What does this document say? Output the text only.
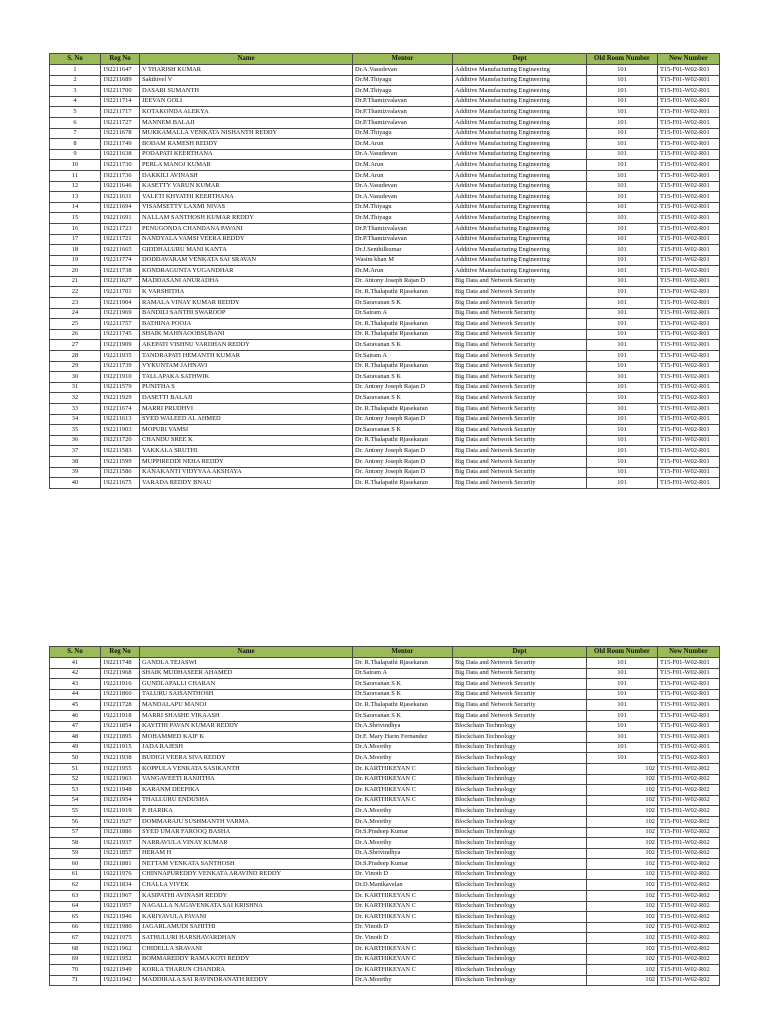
S. No	Reg No	Name	Mentor	Dept	Old Room Number	New Number
1	192211647	V THARISH KUMAR	Dr.A.Vasudevan	Additive Manufacturing Engineering	101	T15-F01-W02-R01
2	192211689	Sakthivel V	Dr.M.Thiyagu	Additive Manufacturing Engineering	101	T15-F01-W02-R01
3	192211700	DASARI SUMANTH	Dr.M.Thiyagu	Additive Manufacturing Engineering	101	T15-F01-W02-R01
4	192211714	JEEVAN GOLI	Dr.P.Thamizvalavan	Additive Manufacturing Engineering	101	T15-F01-W02-R01
5	192211717	KOTAKONDA ALEKYA	Dr.P.Thamizvalavan	Additive Manufacturing Engineering	101	T15-F01-W02-R01
6	192211727	MANNEM BALAJI	Dr.P.Thamizvalavan	Additive Manufacturing Engineering	101	T15-F01-W02-R01
7	192211678	MUKKAMALLA VENKATA NISHANTH REDDY	Dr.M.Thiyagu	Additive Manufacturing Engineering	101	T15-F01-W02-R01
8	192211749	BODAM RAMESH REDDY	Dr.M.Arun	Additive Manufacturing Engineering	101	T15-F01-W02-R01
9	192211638	PODAPATI KEERTHANA	Dr.A.Vasudevan	Additive Manufacturing Engineering	101	T15-F01-W02-R01
10	192211730	PERLA MANOJ KUMAR	Dr.M.Arun	Additive Manufacturing Engineering	101	T15-F01-W02-R01
11	192211736	DAKKILI AVINASH	Dr.M.Arun	Additive Manufacturing Engineering	101	T15-F01-W02-R01
12	192211646	KASETTY VARUN KUMAR	Dr.A.Vasudevan	Additive Manufacturing Engineering	101	T15-F01-W02-R01
13	192211631	VALETI KHYATHI KEERTHANA	Dr.A.Vasudevan	Additive Manufacturing Engineering	101	T15-F01-W02-R01
14	192211694	VISAMSETTY LAXMI NIVAS	Dr.M.Thiyagu	Additive Manufacturing Engineering	101	T15-F01-W02-R01
15	192211691	NALLAM SANTHOSH KUMAR REDDY	Dr.M.Thiyagu	Additive Manufacturing Engineering	101	T15-F01-W02-R01
16	192211723	PENUGONDA CHANDANA PAVANI	Dr.P.Thamizvalavan	Additive Manufacturing Engineering	101	T15-F01-W02-R01
17	192211721	NANDYALA VAMSI VEERA REDDY	Dr.P.Thamizvalavan	Additive Manufacturing Engineering	101	T15-F01-W02-R01
18	192211665	GIDDHALURU MANI KANTA	Dr.J.Senthilkumar	Additive Manufacturing Engineering	101	T15-F01-W02-R01
19	192211774	DODDAVARAM VENKATA SAI SRAVAN	Wasim khan M	Additive Manufacturing Engineering	101	T15-F01-W02-R01
20	192211738	KONDRAGUNTA YUGANDHAR	Dr.M.Arun	Additive Manufacturing Engineering	101	T15-F01-W02-R01
21	192211627	MADDASANI ANURADHA	Dr. Antony Joseph Rajan D	Big Data and Network Security	101	T15-F01-W02-R01
22	192211701	K VARSHITHA	Dr. R.Thalapathi Rjasekaran	Big Data and Network Security	101	T15-F01-W02-R01
23	192211904	RAMALA VINAY KUMAR REDDY	Dr.Saravanan S K	Big Data and Network Security	101	T15-F01-W02-R01
24	192211969	BANDILI SANTHI SWAROOP	Dr.Sairam A	Big Data and Network Security	101	T15-F01-W02-R01
25	192211757	BATHINA POOJA	Dr. R.Thalapathi Rjasekaran	Big Data and Network Security	101	T15-F01-W02-R01
26	192211745	SHAIK MAHNAOOBSUBANI	Dr. R.Thalapathi Rjasekaran	Big Data and Network Security	101	T15-F01-W02-R01
27	192211909	AKEPATI VISHNU VARDHAN REDDY	Dr.Saravanan S K	Big Data and Network Security	101	T15-F01-W02-R01
28	192211935	TANDRAPATI HEMANTH KUMAR	Dr.Sairam A	Big Data and Network Security	101	T15-F01-W02-R01
29	192211739	VYKUNTAM JAHNAVI	Dr. R.Thalapathi Rjasekaran	Big Data and Network Security	101	T15-F01-W02-R01
30	192211910	TALLAPAKA SATHWIK	Dr.Saravanan S K	Big Data and Network Security	101	T15-F01-W02-R01
31	192211579	PUNITHA S	Dr. Antony Joseph Rajan D	Big Data and Network Security	101	T15-F01-W02-R01
32	192211929	DASETTI BALAJI	Dr.Saravanan S K	Big Data and Network Security	101	T15-F01-W02-R01
33	192211674	MARRI PRUDHVI	Dr. R.Thalapathi Rjasekaran	Big Data and Network Security	101	T15-F01-W02-R01
34	192211613	SYED WALEED AL AHMED	Dr. Antony Joseph Rajan D	Big Data and Network Security	101	T15-F01-W02-R01
35	192211903	MOPURI VAMSI	Dr.Saravanan S K	Big Data and Network Security	101	T15-F01-W02-R01
36	192211720	CHANDU SREE K	Dr. R.Thalapathi Rjasekaran	Big Data and Network Security	101	T15-F01-W02-R01
37	192211583	YAKKALA SRUTHI	Dr. Antony Joseph Rajan D	Big Data and Network Security	101	T15-F01-W02-R01
38	192211599	MUPPIREDDI NEHA REDDY	Dr. Antony Joseph Rajan D	Big Data and Network Security	101	T15-F01-W02-R01
39	192211586	KANAKANTI VIDYYAA AKSHAYA	Dr. Antony Joseph Rajan D	Big Data and Network Security	101	T15-F01-W02-R01
40	192211675	VARADA REDDY BNAU	Dr. R.Thalapathi Rjasekaran	Big Data and Network Security	101	T15-F01-W02-R01
S. No	Reg No	Name	Mentor	Dept	Old Room Number	New Number
41	192211748	GANDLA TEJASWI	Dr. R.Thalapathi Rjasekaran	Big Data and Network Security	101	T15-F01-W02-R01
42	192211968	SHAIK MUDHASEER AHAMED	Dr.Sairam A	Big Data and Network Security	101	T15-F01-W02-R01
43	192211916	GUNDLAPALLI CHARAN	Dr.Saravanan S K	Big Data and Network Security	101	T15-F01-W02-R01
44	192211860	TALURU SAISANTHOSH	Dr.Saravanan S K	Big Data and Network Security	101	T15-F01-W02-R01
45	192211728	MANDALAPU MANOJ	Dr. R.Thalapathi Rjasekaran	Big Data and Network Security	101	T15-F01-W02-R01
46	192211918	MARRI SHASHE VIKAASH	Dr.Saravanan S K	Big Data and Network Security	101	T15-F01-W02-R01
47	192211854	KAYITHI PAVAN KUMAR REDDY	Dr.A.Shrivindhya	Blockchain Technology	101	T15-F01-W02-R01
48	192211895	MOHAMMED KAIF K	Dr.F. Mary Harin Fernandez	Blockchain Technology	101	T15-F01-W02-R01
49	192211915	JADA RAJESH	Dr.A.Moorthy	Blockchain Technology	101	T15-F01-W02-R01
50	192211938	BUDIGI VEERA SIVA REDDY	Dr.A.Moorthy	Blockchain Technology	101	T15-F01-W02-R01
51	192211955	KOPPULA VENKATA SASIKANTH	Dr. KARTHIKEYAN C	Blockchain Technology	102	T15-F01-W02-R02
52	192211963	VANGAVEETI RANJITHA	Dr. KARTHIKEYAN C	Blockchain Technology	102	T15-F01-W02-R02
53	192211948	KARANM DEEPIKA	Dr. KARTHIKEYAN C	Blockchain Technology	102	T15-F01-W02-R02
54	192211954	THALLURU ENDUSHA	Dr. KARTHIKEYAN C	Blockchain Technology	102	T15-F01-W02-R02
55	192211919	P. HARIKA	Dr.A.Moorthy	Blockchain Technology	102	T15-F01-W02-R02
56	192211927	DOMMARAJU SUSHMANTH VARMA	Dr.A.Moorthy	Blockchain Technology	102	T15-F01-W02-R02
57	192211886	SYED UMAR FAROOQ BASHA	Dr.S.Pradeep Kumar	Blockchain Technology	102	T15-F01-W02-R02
58	192211937	NARRAVULA VINAY KUMAR	Dr.A.Moorthy	Blockchain Technology	102	T15-F01-W02-R02
59	192211857	HERAM H	Dr.A.Shrivindhya	Blockchain Technology	102	T15-F01-W02-R02
60	192211881	NETTAM VENKATA SANTHOSH	Dr.S.Pradeep Kumar	Blockchain Technology	102	T15-F01-W02-R02
61	192211976	CHINNAPUREDDY VENKATA ARAVIND REDDY	Dr. Vinoth D	Blockchain Technology	102	T15-F01-W02-R02
62	192211834	CHALLA VIVEK	Dr.D.Manikavelan	Blockchain Technology	102	T15-F01-W02-R02
63	192211967	KASIPATHI AVINASH REDDY	Dr. KARTHIKEYAN C	Blockchain Technology	102	T15-F01-W02-R02
64	192211957	NAGALLA NAGAVENKATA SAI KRISHNA	Dr. KARTHIKEYAN C	Blockchain Technology	102	T15-F01-W02-R02
65	192211946	KARIYAVULA PAVANI	Dr. KARTHIKEYAN C	Blockchain Technology	102	T15-F01-W02-R02
66	192211980	JAGARLAMUDI SAHITHI	Dr. Vinoth D	Blockchain Technology	102	T15-F01-W02-R02
67	192211975	SATHULURI HARSHAVARDHAN	Dr. Vinoth D	Blockchain Technology	102	T15-F01-W02-R02
68	192211962	CHIDELLA SRAVANI	Dr. KARTHIKEYAN C	Blockchain Technology	102	T15-F01-W02-R02
69	192211952	BOMMAREDDY RAMA KOTI REDDY	Dr. KARTHIKEYAN C	Blockchain Technology	102	T15-F01-W02-R02
70	192211949	KORLA THARUN CHANDRA	Dr. KARTHIKEYAN C	Blockchain Technology	102	T15-F01-W02-R02
71	192211942	MADDIRALA SAI RAVINDRANATH REDDY	Dr.A.Moorthy	Blockchain Technology	102	T15-F01-W02-R02
